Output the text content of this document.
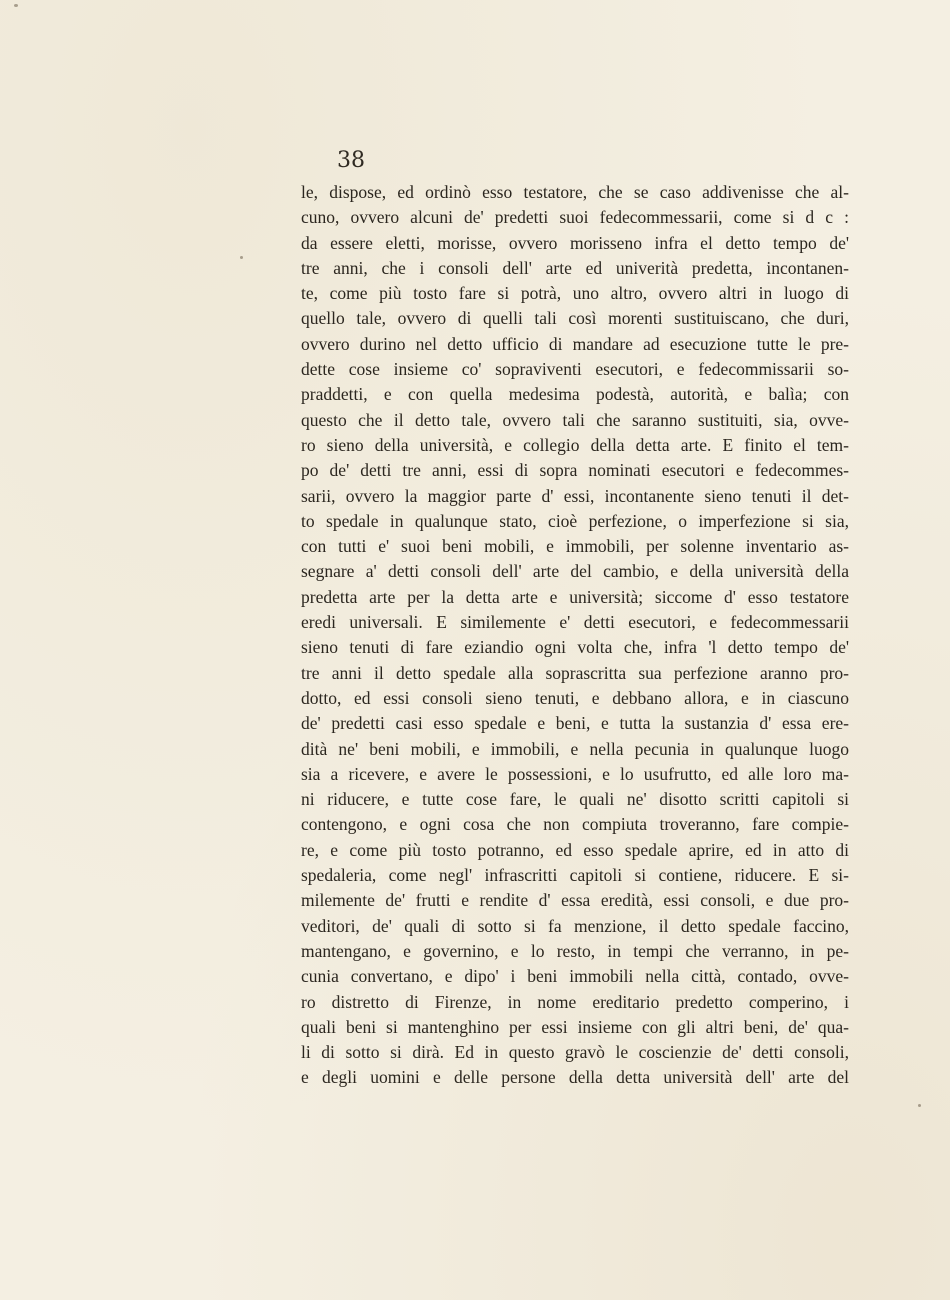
38
le, dispose, ed ordinò esso testatore, che se caso addivenisse che al-
cuno, ovvero alcuni de' predetti suoi fedecommessarii, come si d c :
da essere eletti, morisse, ovvero morisseno infra el detto tempo de'
tre anni, che i consoli dell' arte ed univerità predetta, incontanen-
te, come più tosto fare si potrà, uno altro, ovvero altri in luogo di
quello tale, ovvero di quelli tali così morenti sustituiscano, che duri,
ovvero durino nel detto ufficio di mandare ad esecuzione tutte le pre-
dette cose insieme co' sopraviventi esecutori, e fedecommissarii so-
praddetti, e con quella medesima podestà, autorità, e balìa; con
questo che il detto tale, ovvero tali che saranno sustituiti, sia, ovve-
ro sieno della università, e collegio della detta arte. E finito el tem-
po de' detti tre anni, essi di sopra nominati esecutori e fedecommes-
sarii, ovvero la maggior parte d' essi, incontanente sieno tenuti il det-
to spedale in qualunque stato, cioè perfezione, o imperfezione si sia,
con tutti e' suoi beni mobili, e immobili, per solenne inventario as-
segnare a' detti consoli dell' arte del cambio, e della università della
predetta arte per la detta arte e università; siccome d' esso testatore
eredi universali. E similemente e' detti esecutori, e fedecommessarii
sieno tenuti di fare eziandio ogni volta che, infra 'l detto tempo de'
tre anni il detto spedale alla soprascritta sua perfezione aranno pro-
dotto, ed essi consoli sieno tenuti, e debbano allora, e in ciascuno
de' predetti casi esso spedale e beni, e tutta la sustanzia d' essa ere-
dità ne' beni mobili, e immobili, e nella pecunia in qualunque luogo
sia a ricevere, e avere le possessioni, e lo usufrutto, ed alle loro ma-
ni riducere, e tutte cose fare, le quali ne' disotto scritti capitoli si
contengono, e ogni cosa che non compiuta troveranno, fare compie-
re, e come più tosto potranno, ed esso spedale aprire, ed in atto di
spedaleria, come negl' infrascritti capitoli si contiene, riducere. E si-
milemente de' frutti e rendite d' essa eredità, essi consoli, e due pro-
veditori, de' quali di sotto si fa menzione, il detto spedale faccino,
mantengano, e governino, e lo resto, in tempi che verranno, in pe-
cunia convertano, e dipo' i beni immobili nella città, contado, ovve-
ro distretto di Firenze, in nome ereditario predetto comperino, i
quali beni si mantenghino per essi insieme con gli altri beni, de' qua-
li di sotto si dirà. Ed in questo gravò le coscienzie de' detti consoli,
e degli uomini e delle persone della detta università dell' arte del
